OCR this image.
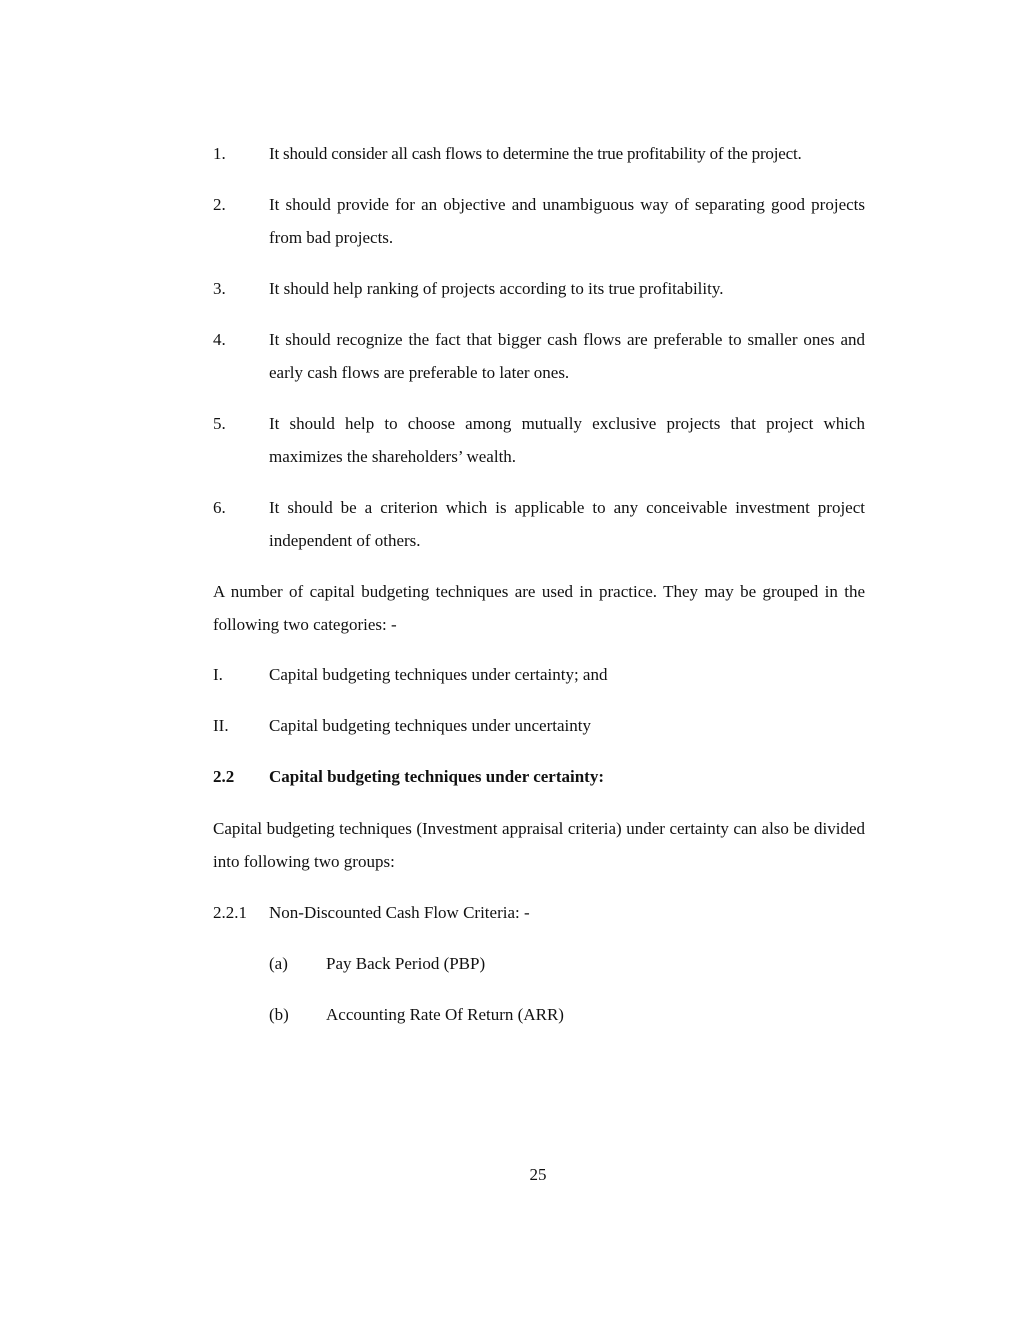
1.	It should consider all cash flows to determine the true profitability of the project.
2.	It should provide for an objective and unambiguous way of separating good projects from bad projects.
3.	It should help ranking of projects according to its true profitability.
4.	It should recognize the fact that bigger cash flows are preferable to smaller ones and early cash flows are preferable to later ones.
5.	It should help to choose among mutually exclusive projects that project which maximizes the shareholders’ wealth.
6.	It should be a criterion which is applicable to any conceivable investment project independent of others.
A number of capital budgeting techniques are used in practice. They may be grouped in the following two categories: -
I.	Capital budgeting techniques under certainty; and
II. Capital budgeting techniques under uncertainty
2.2 Capital budgeting techniques under certainty:
Capital budgeting techniques (Investment appraisal criteria) under certainty can also be divided into following two groups:
2.2.1 Non-Discounted Cash Flow Criteria: -
(a) Pay Back Period (PBP)
(b) Accounting Rate Of Return (ARR)
25
